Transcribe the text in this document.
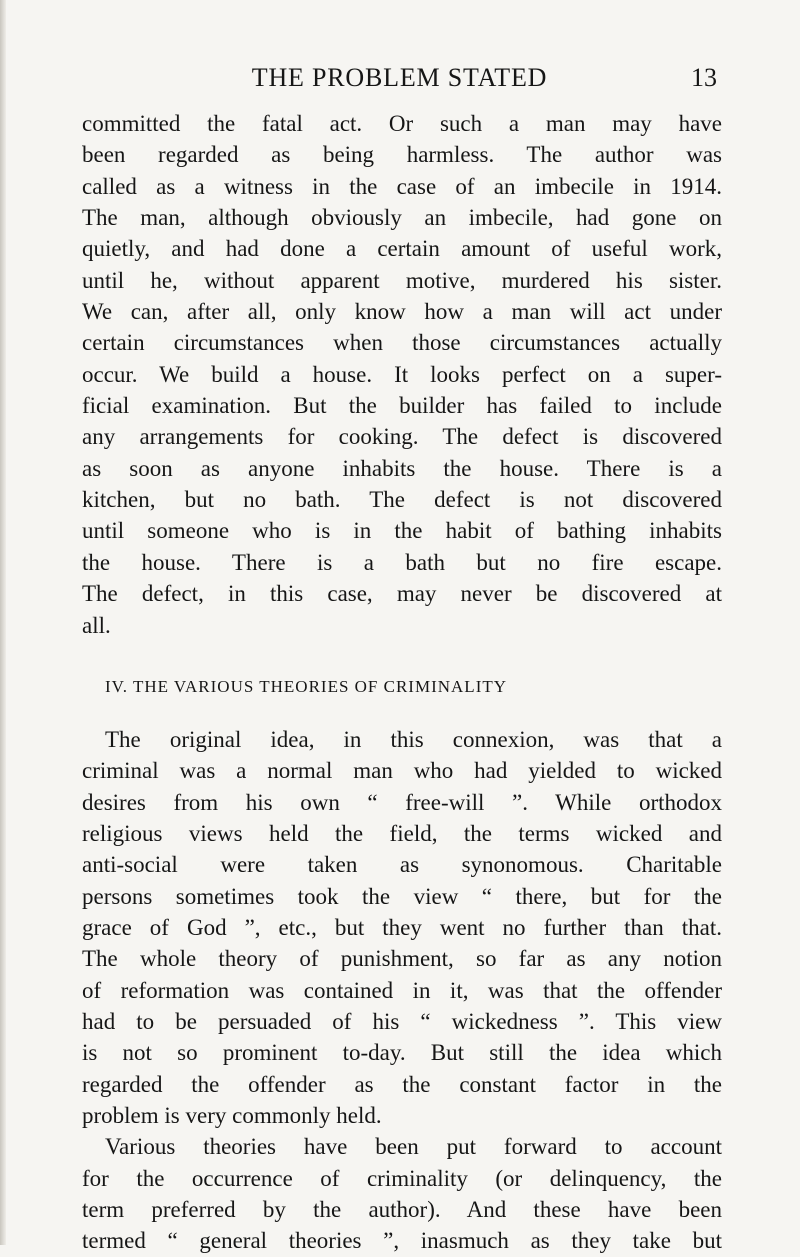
THE PROBLEM STATED	13
committed the fatal act. Or such a man may have
been regarded as being harmless. The author was
called as a witness in the case of an imbecile in 1914.
The man, although obviously an imbecile, had gone on
quietly, and had done a certain amount of useful work,
until he, without apparent motive, murdered his sister.
We can, after all, only know how a man will act under
certain circumstances when those circumstances actually
occur. We build a house. It looks perfect on a super-
ficial examination. But the builder has failed to include
any arrangements for cooking. The defect is discovered
as soon as anyone inhabits the house. There is a
kitchen, but no bath. The defect is not discovered
until someone who is in the habit of bathing inhabits
the house. There is a bath but no fire escape.
The defect, in this case, may never be discovered at
all.
IV. THE VARIOUS THEORIES OF CRIMINALITY
The original idea, in this connexion, was that a
criminal was a normal man who had yielded to wicked
desires from his own “ free-will ”. While orthodox
religious views held the field, the terms wicked and
anti-social were taken as synonomous. Charitable
persons sometimes took the view “ there, but for the
grace of God ”, etc., but they went no further than that.
The whole theory of punishment, so far as any notion
of reformation was contained in it, was that the offender
had to be persuaded of his “ wickedness ”. This view
is not so prominent to-day. But still the idea which
regarded the offender as the constant factor in the
problem is very commonly held.
Various theories have been put forward to account
for the occurrence of criminality (or delinquency, the
term preferred by the author). And these have been
termed “ general theories ”, inasmuch as they take but
